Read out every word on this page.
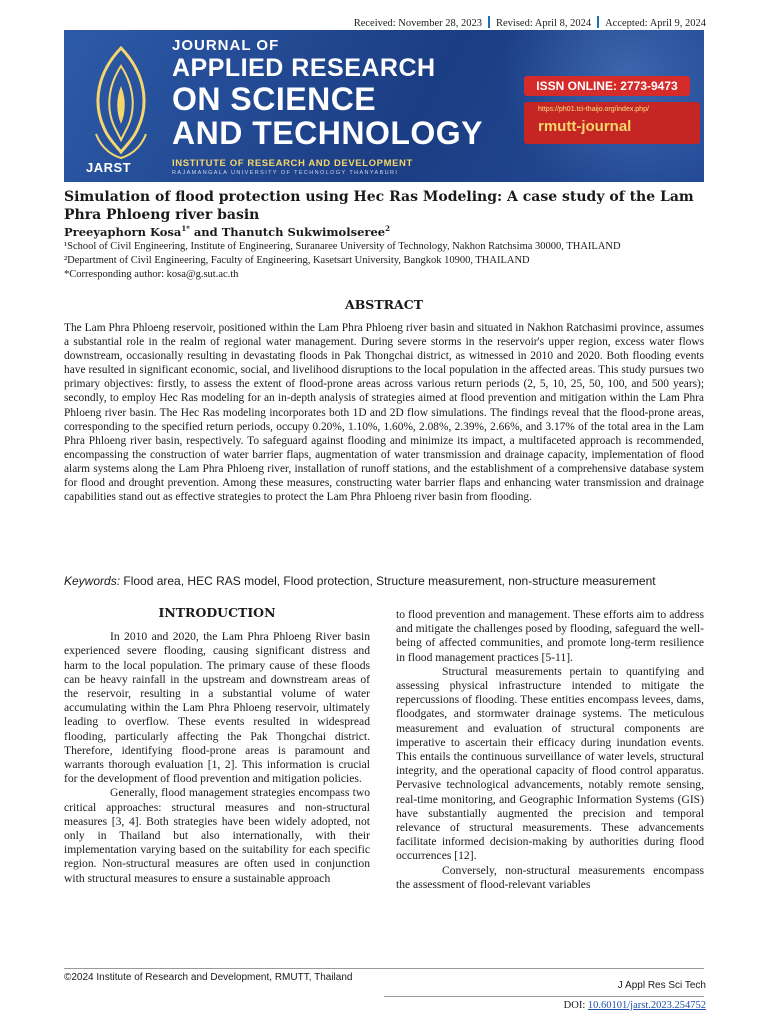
Received: November 28, 2023 Revised: April 8, 2024 Accepted: April 9, 2024
JARST
JOURNAL OF
APPLIED RESEARCH
ON SCIENCE
AND TECHNOLOGY
INSTITUTE OF RESEARCH AND DEVELOPMENT
RAJAMANGALA UNIVERSITY OF TECHNOLOGY THANYABURI
ISSN ONLINE: 2773-9473
https://ph01.tci-thaijo.org/index.php/
rmutt-journal
Simulation of flood protection using Hec Ras Modeling: A case study of the Lam Phra Phloeng river basin
Preeyaphorn Kosa$^{1*}$ and Thanutch Sukwimolseree$^2$
¹School of Civil Engineering, Institute of Engineering, Suranaree University of Technology, Nakhon Ratchsima 30000, THAILAND
²Department of Civil Engineering, Faculty of Engineering, Kasetsart University, Bangkok 10900, THAILAND
*Corresponding author: kosa@g.sut.ac.th
ABSTRACT
The Lam Phra Phloeng reservoir, positioned within the Lam Phra Phloeng river basin and situated in Nakhon Ratchasimi province, assumes a substantial role in the realm of regional water management. During severe storms in the reservoir's upper region, excess water flows downstream, occasionally resulting in devastating floods in Pak Thongchai district, as witnessed in 2010 and 2020. Both flooding events have resulted in significant economic, social, and livelihood disruptions to the local population in the affected areas. This study pursues two primary objectives: firstly, to assess the extent of flood-prone areas across various return periods (2, 5, 10, 25, 50, 100, and 500 years); secondly, to employ Hec Ras modeling for an in-depth analysis of strategies aimed at flood prevention and mitigation within the Lam Phra Phloeng river basin. The Hec Ras modeling incorporates both 1D and 2D flow simulations. The findings reveal that the flood-prone areas, corresponding to the specified return periods, occupy 0.20%, 1.10%, 1.60%, 2.08%, 2.39%, 2.66%, and 3.17% of the total area in the Lam Phra Phloeng river basin, respectively. To safeguard against flooding and minimize its impact, a multifaceted approach is recommended, encompassing the construction of water barrier flaps, augmentation of water transmission and drainage capacity, implementation of flood alarm systems along the Lam Phra Phloeng river, installation of runoff stations, and the establishment of a comprehensive database system for flood and drought prevention. Among these measures, constructing water barrier flaps and enhancing water transmission and drainage capabilities stand out as effective strategies to protect the Lam Phra Phloeng river basin from flooding.
Keywords: Flood area, HEC RAS model, Flood protection, Structure measurement, non-structure measurement
INTRODUCTION

In 2010 and 2020, the Lam Phra Phloeng River basin experienced severe flooding, causing significant distress and harm to the local population. The primary cause of these floods can be heavy rainfall in the upstream and downstream areas of the reservoir, resulting in a substantial volume of water accumulating within the Lam Phra Phloeng reservoir, ultimately leading to overflow. These events resulted in widespread flooding, particularly affecting the Pak Thongchai district. Therefore, identifying flood-prone areas is paramount and warrants thorough evaluation [1, 2]. This information is crucial for the development of flood prevention and mitigation policies.

Generally, flood management strategies encompass two critical approaches: structural measures and non-structural measures [3, 4]. Both strategies have been widely adopted, not only in Thailand but also internationally, with their implementation varying based on the suitability for each specific region. Non-structural measures are often used in conjunction with structural measures to ensure a sustainable approach

to flood prevention and management. These efforts aim to address and mitigate the challenges posed by flooding, safeguard the well-being of affected communities, and promote long-term resilience in flood management practices [5-11].

Structural measurements pertain to quantifying and assessing physical infrastructure intended to mitigate the repercussions of flooding. These entities encompass levees, dams, floodgates, and stormwater drainage systems. The meticulous measurement and evaluation of structural components are imperative to ascertain their efficacy during inundation events. This entails the continuous surveillance of water levels, structural integrity, and the operational capacity of flood control apparatus. Pervasive technological advancements, notably remote sensing, real-time monitoring, and Geographic Information Systems (GIS) have substantially augmented the precision and temporal relevance of structural measurements. These advancements facilitate informed decision-making by authorities during flood occurrences [12].

Conversely, non-structural measurements encompass the assessment of flood-relevant variables

©2024 Institute of Research and Development, RMUTT, Thailand
J Appl Res Sci Tech
DOI: 10.60101/jarst.2023.254752
